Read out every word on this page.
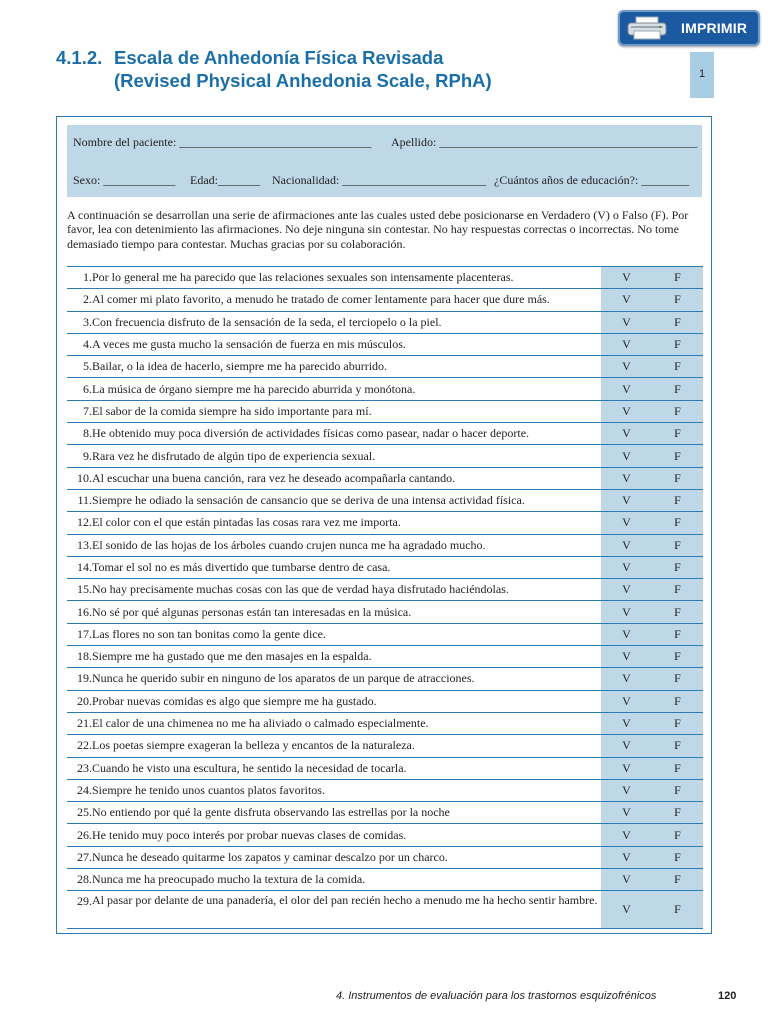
IMPRIMIR
4.1.2. Escala de Anhedonía Física Revisada
(Revised Physical Anhedonia Scale, RPhA)	1
Nombre del paciente: ________________________________ Apellido: ___________________________________________
Sexo: ____________ Edad:_______ Nacionalidad: ________________________ ¿Cuántos años de educación?: ________

A continuación se desarrollan una serie de afirmaciones ante las cuales usted debe posicionarse en Verdadero (V) o Falso (F). Por favor, lea con detenimiento las afirmaciones. No deje ninguna sin contestar. No hay respuestas correctas o incorrectas. No tome demasiado tiempo para contestar. Muchas gracias por su colaboración.

1.	Por lo general me ha parecido que las relaciones sexuales son intensamente placenteras.	V	F
2.	Al comer mi plato favorito, a menudo he tratado de comer lentamente para hacer que dure más.	V	F
3.	Con frecuencia disfruto de la sensación de la seda, el terciopelo o la piel.	V	F
4.	A veces me gusta mucho la sensación de fuerza en mis músculos.	V	F
5.	Bailar, o la idea de hacerlo, siempre me ha parecido aburrido.	V	F
6.	La música de órgano siempre me ha parecido aburrida y monótona.	V	F
7.	El sabor de la comida siempre ha sido importante para mí.	V	F
8.	He obtenido muy poca diversión de actividades físicas como pasear, nadar o hacer deporte.	V	F
9.	Rara vez he disfrutado de algún tipo de experiencia sexual.	V	F
10.	Al escuchar una buena canción, rara vez he deseado acompañarla cantando.	V	F
11.	Siempre he odiado la sensación de cansancio que se deriva de una intensa actividad física.	V	F
12.	El color con el que están pintadas las cosas rara vez me importa.	V	F
13.	El sonido de las hojas de los árboles cuando crujen nunca me ha agradado mucho.	V	F
14.	Tomar el sol no es más divertido que tumbarse dentro de casa.	V	F
15.	No hay precisamente muchas cosas con las que de verdad haya disfrutado haciéndolas.	V	F
16.	No sé por qué algunas personas están tan interesadas en la música.	V	F
17.	Las flores no son tan bonitas como la gente dice.	V	F
18.	Siempre me ha gustado que me den masajes en la espalda.	V	F
19.	Nunca he querido subir en ninguno de los aparatos de un parque de atracciones.	V	F
20.	Probar nuevas comidas es algo que siempre me ha gustado.	V	F
21.	El calor de una chimenea no me ha aliviado o calmado especialmente.	V	F
22.	Los poetas siempre exageran la belleza y encantos de la naturaleza.	V	F
23.	Cuando he visto una escultura, he sentido la necesidad de tocarla.	V	F
24.	Siempre he tenido unos cuantos platos favoritos.	V	F
25.	No entiendo por qué la gente disfruta observando las estrellas por la noche	V	F
26.	He tenido muy poco interés por probar nuevas clases de comidas.	V	F
27.	Nunca he deseado quitarme los zapatos y caminar descalzo por un charco.	V	F
28.	Nunca me ha preocupado mucho la textura de la comida.	V	F
29.	Al pasar por delante de una panadería, el olor del pan recién hecho a menudo me ha hecho sentir hambre.	V	F
4. Instrumentos de evaluación para los trastornos esquizofrénicos	120
